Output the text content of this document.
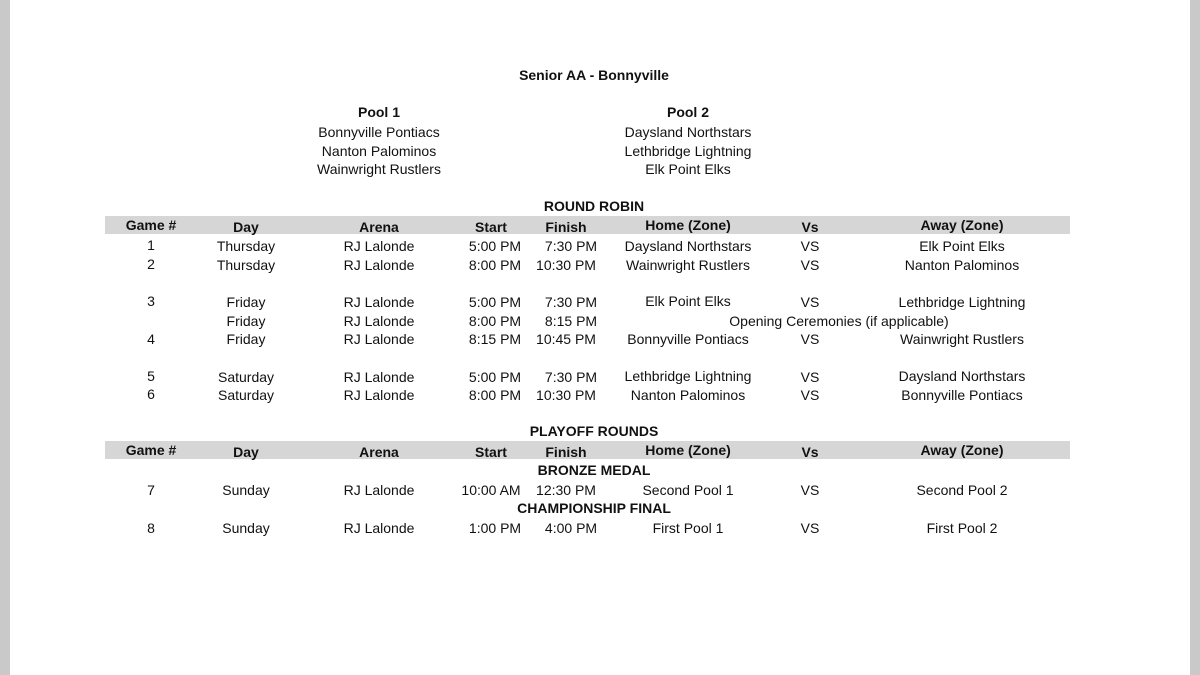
Senior AA - Bonnyville
Pool 1
Bonnyville Pontiacs
Nanton Palominos
Wainwright Rustlers
Pool 2
Daysland Northstars
Lethbridge Lightning
Elk Point Elks
ROUND ROBIN
Game #	Day	Arena	Start	Finish	Home (Zone)	Vs	Away (Zone)
1	Thursday	RJ Lalonde	5:00 PM 7:30 PM Daysland Northstars	VS	Elk Point Elks
2	Thursday	RJ Lalonde	8:00 PM 10:30 PM Wainwright Rustlers	VS	Nanton Palominos
3	Friday	RJ Lalonde	5:00 PM 7:30 PM	Elk Point Elks	VS	Lethbridge Lightning
Friday	RJ Lalonde	8:00 PM 8:15 PM	Opening Ceremonies (if applicable)
4	Friday	RJ Lalonde	8:15 PM 10:45 PM Bonnyville Pontiacs	VS	Wainwright Rustlers
5	Saturday	RJ Lalonde	5:00 PM 7:30 PM Lethbridge Lightning	VS	Daysland Northstars
6	Saturday	RJ Lalonde	8:00 PM 10:30 PM Nanton Palominos	VS	Bonnyville Pontiacs
PLAYOFF ROUNDS
Game #	Day	Arena	Start	Finish	Home (Zone)	Vs	Away (Zone)
BRONZE MEDAL
7	Sunday	RJ Lalonde	10:00 AM 12:30 PM	Second Pool 1	VS	Second Pool 2
CHAMPIONSHIP FINAL
8	Sunday	RJ Lalonde	1:00 PM 4:00 PM	First Pool 1	VS	First Pool 2
